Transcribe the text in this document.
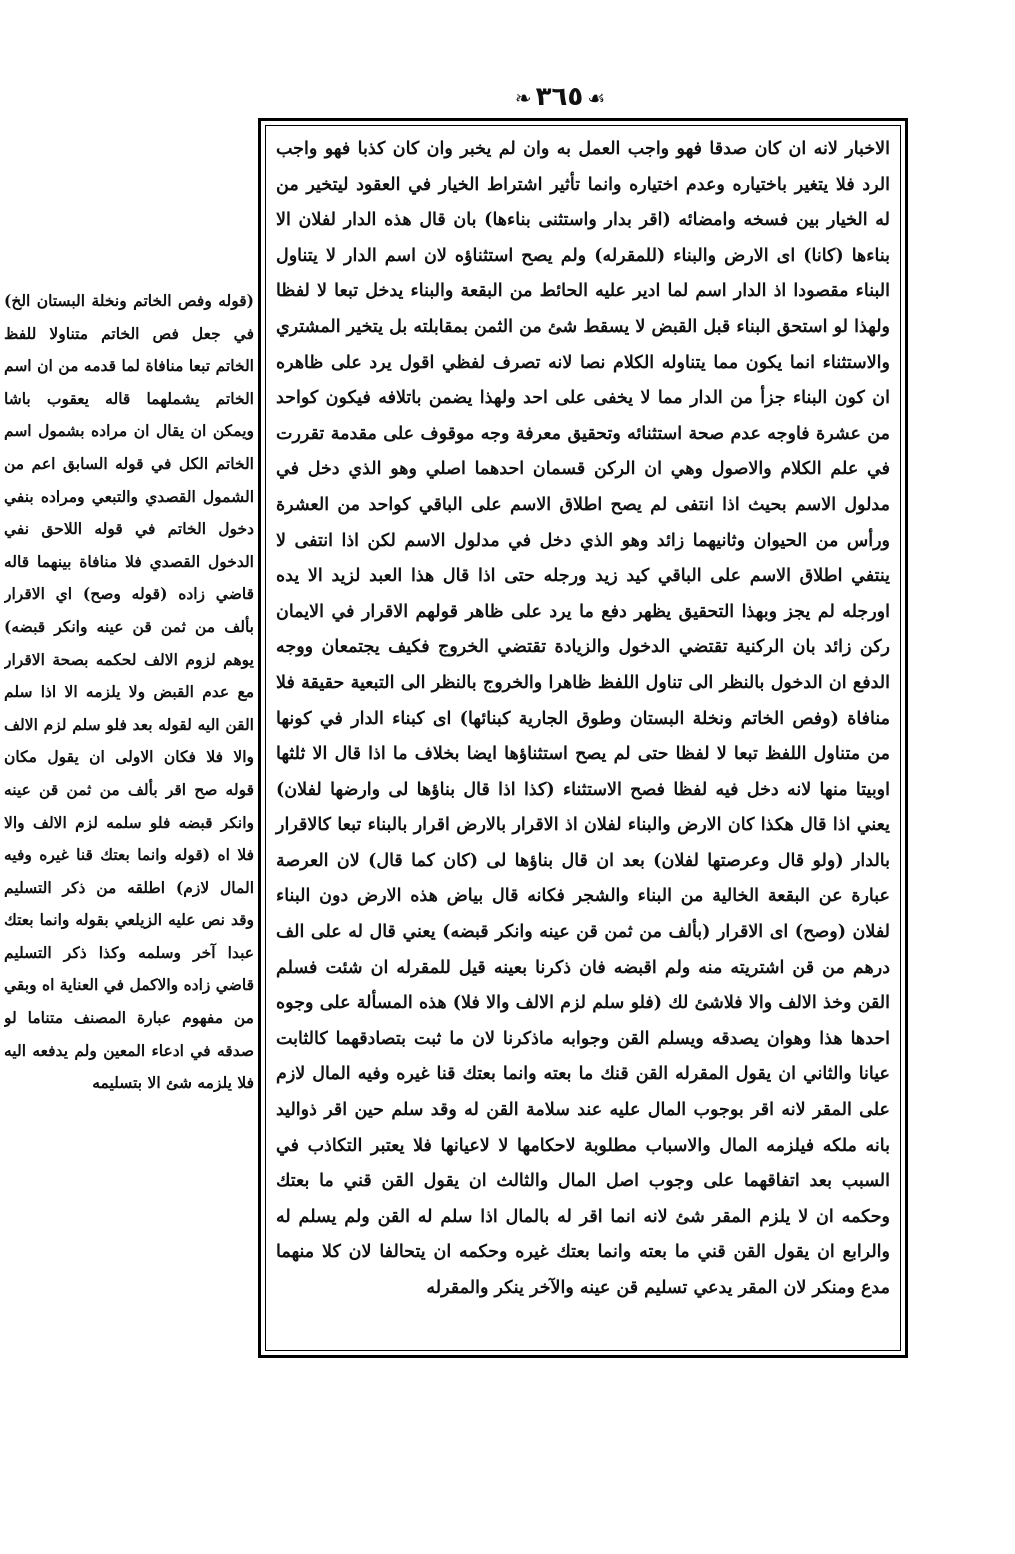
❧ ٣٦٥ ☙

الاخبار لانه ان كان صدقا فهو واجب العمل به وان لم يخبر وان كان كذبا فهو واجب الرد فلا يتغير باختياره وعدم اختياره وانما تأثير اشتراط الخيار في العقود ليتخير من له الخيار بين فسخه وامضائه (اقر بدار واستثنى بناءها) بان قال هذه الدار لفلان الا بناءها (كانا) اى الارض والبناء (للمقرله) ولم يصح استثناؤه لان اسم الدار لا يتناول البناء مقصودا اذ الدار اسم لما ادير عليه الحائط من البقعة والبناء يدخل تبعا لا لفظا ولهذا لو استحق البناء قبل القبض لا يسقط شئ من الثمن بمقابلته بل يتخير المشتري والاستثناء انما يكون مما يتناوله الكلام نصا لانه تصرف لفظي اقول يرد على ظاهره ان كون البناء جزأ من الدار مما لا يخفى على احد ولهذا يضمن باتلافه فيكون كواحد من عشرة فاوجه عدم صحة استثنائه وتحقيق معرفة وجه موقوف على مقدمة تقررت في علم الكلام والاصول وهي ان الركن قسمان احدهما اصلي وهو الذي دخل في مدلول الاسم بحيث اذا انتفى لم يصح اطلاق الاسم على الباقي كواحد من العشرة ورأس من الحيوان وثانيهما زائد وهو الذي دخل في مدلول الاسم لكن اذا انتفى لا ينتفي اطلاق الاسم على الباقي كيد زيد ورجله حتى اذا قال هذا العبد لزيد الا يده اورجله لم يجز وبهذا التحقيق يظهر دفع ما يرد على ظاهر قولهم الاقرار في الايمان ركن زائد بان الركنية تقتضي الدخول والزيادة تقتضي الخروج فكيف يجتمعان ووجه الدفع ان الدخول بالنظر الى تناول اللفظ ظاهرا والخروج بالنظر الى التبعية حقيقة فلا منافاة (وفص الخاتم ونخلة البستان وطوق الجارية كبنائها) اى كبناء الدار في كونها من متناول اللفظ تبعا لا لفظا حتى لم يصح استثناؤها ايضا بخلاف ما اذا قال الا ثلثها اوبيتا منها لانه دخل فيه لفظا فصح الاستثناء (كذا اذا قال بناؤها لى وارضها لفلان) يعني اذا قال هكذا كان الارض والبناء لفلان اذ الاقرار بالارض اقرار بالبناء تبعا كالاقرار بالدار (ولو قال وعرصتها لفلان) بعد ان قال بناؤها لى (كان كما قال) لان العرصة عبارة عن البقعة الخالية من البناء والشجر فكانه قال بياض هذه الارض دون البناء لفلان (وصح) اى الاقرار (بألف من ثمن قن عينه وانكر قبضه) يعني قال له على الف درهم من قن اشتريته منه ولم اقبضه فان ذكرنا بعينه قيل للمقرله ان شئت فسلم القن وخذ الالف والا فلاشئ لك (فلو سلم لزم الالف والا فلا) هذه المسألة على وجوه احدها هذا وهوان يصدقه ويسلم القن وجوابه ماذكرنا لان ما ثبت بتصادقهما كالثابت عيانا والثاني ان يقول المقرله القن قنك ما بعته وانما بعتك قنا غيره وفيه المال لازم على المقر لانه اقر بوجوب المال عليه عند سلامة القن له وقد سلم حين اقر ذواليد بانه ملكه فيلزمه المال والاسباب مطلوبة لاحكامها لا لاعيانها فلا يعتبر التكاذب في السبب بعد اتفاقهما على وجوب اصل المال والثالث ان يقول القن قني ما بعتك وحكمه ان لا يلزم المقر شئ لانه انما اقر له بالمال اذا سلم له القن ولم يسلم له والرابع ان يقول القن قني ما بعته وانما بعتك غيره وحكمه ان يتحالفا لان كلا منهما مدع ومنكر لان المقر يدعي تسليم قن عينه والآخر ينكر والمقرله

(قوله وفص الخاتم ونخلة البستان الخ) في جعل فص الخاتم متناولا للفظ الخاتم تبعا منافاة لما قدمه من ان اسم الخاتم يشملهما قاله يعقوب باشا ويمكن ان يقال ان مراده بشمول اسم الخاتم الكل في قوله السابق اعم من الشمول القصدي والتبعي ومراده بنفي دخول الخاتم في قوله اللاحق نفي الدخول القصدي فلا منافاة بينهما قاله قاضي زاده (قوله وصح) اي الاقرار بألف من ثمن قن عينه وانكر قبضه) يوهم لزوم الالف لحكمه بصحة الاقرار مع عدم القبض ولا يلزمه الا اذا سلم القن اليه لقوله بعد فلو سلم لزم الالف والا فلا فكان الاولى ان يقول مكان قوله صح اقر بألف من ثمن قن عينه وانكر قبضه فلو سلمه لزم الالف والا فلا اه (قوله وانما بعتك قنا غيره وفيه المال لازم) اطلقه من ذكر التسليم وقد نص عليه الزيلعي بقوله وانما بعتك عبدا آخر وسلمه وكذا ذكر التسليم قاضي زاده والاكمل في العناية اه وبقي من مفهوم عبارة المصنف متناما لو صدقه في ادعاء المعين ولم يدفعه اليه فلا يلزمه شئ الا بتسليمه
